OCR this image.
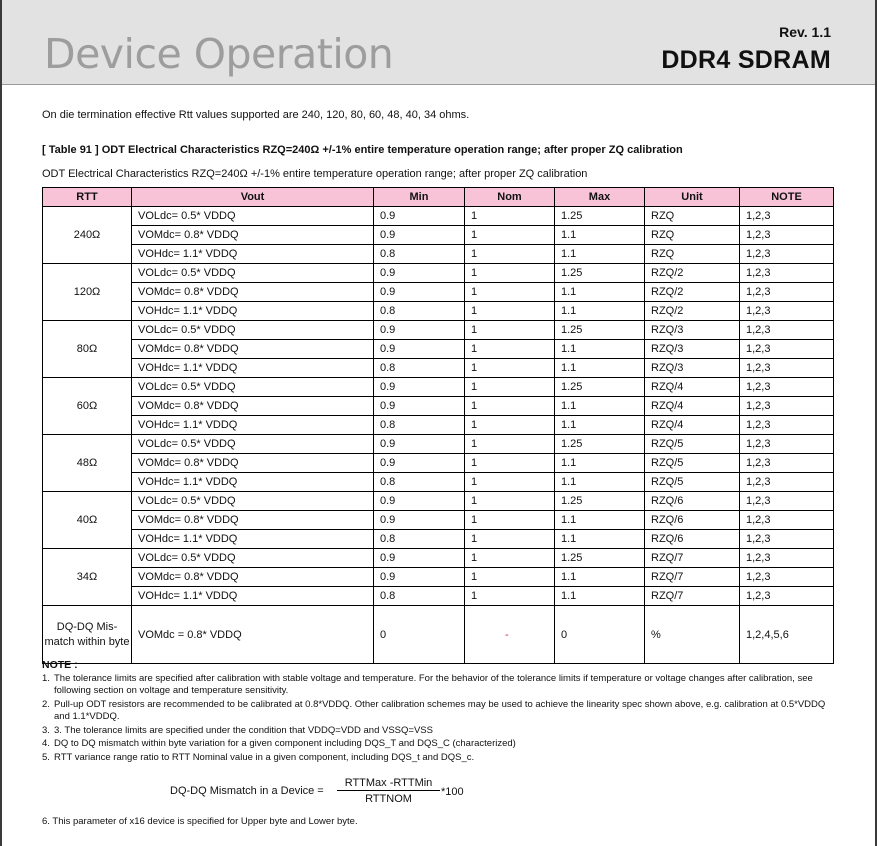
Device Operation	Rev. 1.1
DDR4 SDRAM
On die termination effective Rtt values supported are 240, 120, 80, 60, 48, 40, 34 ohms.
[ Table 91 ] ODT Electrical Characteristics RZQ=240Ω +/-1% entire temperature operation range; after proper ZQ calibration
ODT Electrical Characteristics RZQ=240Ω +/-1% entire temperature operation range; after proper ZQ calibration
RTT	Vout	Min	Nom	Max	Unit	NOTE
240Ω	VOLdc= 0.5* VDDQ	0.9	1	1.25	RZQ	1,2,3
	VOMdc= 0.8* VDDQ	0.9	1	1.1	RZQ	1,2,3
	VOHdc= 1.1* VDDQ	0.8	1	1.1	RZQ	1,2,3
120Ω	VOLdc= 0.5* VDDQ	0.9	1	1.25	RZQ/2	1,2,3
	VOMdc= 0.8* VDDQ	0.9	1	1.1	RZQ/2	1,2,3
	VOHdc= 1.1* VDDQ	0.8	1	1.1	RZQ/2	1,2,3
80Ω	VOLdc= 0.5* VDDQ	0.9	1	1.25	RZQ/3	1,2,3
	VOMdc= 0.8* VDDQ	0.9	1	1.1	RZQ/3	1,2,3
	VOHdc= 1.1* VDDQ	0.8	1	1.1	RZQ/3	1,2,3
60Ω	VOLdc= 0.5* VDDQ	0.9	1	1.25	RZQ/4	1,2,3
	VOMdc= 0.8* VDDQ	0.9	1	1.1	RZQ/4	1,2,3
	VOHdc= 1.1* VDDQ	0.8	1	1.1	RZQ/4	1,2,3
48Ω	VOLdc= 0.5* VDDQ	0.9	1	1.25	RZQ/5	1,2,3
	VOMdc= 0.8* VDDQ	0.9	1	1.1	RZQ/5	1,2,3
	VOHdc= 1.1* VDDQ	0.8	1	1.1	RZQ/5	1,2,3
40Ω	VOLdc= 0.5* VDDQ	0.9	1	1.25	RZQ/6	1,2,3
	VOMdc= 0.8* VDDQ	0.9	1	1.1	RZQ/6	1,2,3
	VOHdc= 1.1* VDDQ	0.8	1	1.1	RZQ/6	1,2,3
34Ω	VOLdc= 0.5* VDDQ	0.9	1	1.25	RZQ/7	1,2,3
	VOMdc= 0.8* VDDQ	0.9	1	1.1	RZQ/7	1,2,3
	VOHdc= 1.1* VDDQ	0.8	1	1.1	RZQ/7	1,2,3
DQ-DQ Mis-match within byte	VOMdc = 0.8* VDDQ	0	-	0	%	1,2,4,5,6
NOTE :
1. The tolerance limits are specified after calibration with stable voltage and temperature. For the behavior of the tolerance limits if temperature or voltage changes after calibration, see following section on voltage and temperature sensitivity.
2. Pull-up ODT resistors are recommended to be calibrated at 0.8*VDDQ. Other calibration schemes may be used to achieve the linearity spec shown above, e.g. calibration at 0.5*VDDQ and 1.1*VDDQ.
3. 3. The tolerance limits are specified under the condition that VDDQ=VDD and VSSQ=VSS
4. DQ to DQ mismatch within byte variation for a given component including DQS_T and DQS_C (characterized)
5. RTT variance range ratio to RTT Nominal value in a given component, including DQS_t and DQS_c.
DQ-DQ Mismatch in a Device =
RTTMax -RTTMin
RTTNOM
*100
6. This parameter of x16 device is specified for Upper byte and Lower byte.
